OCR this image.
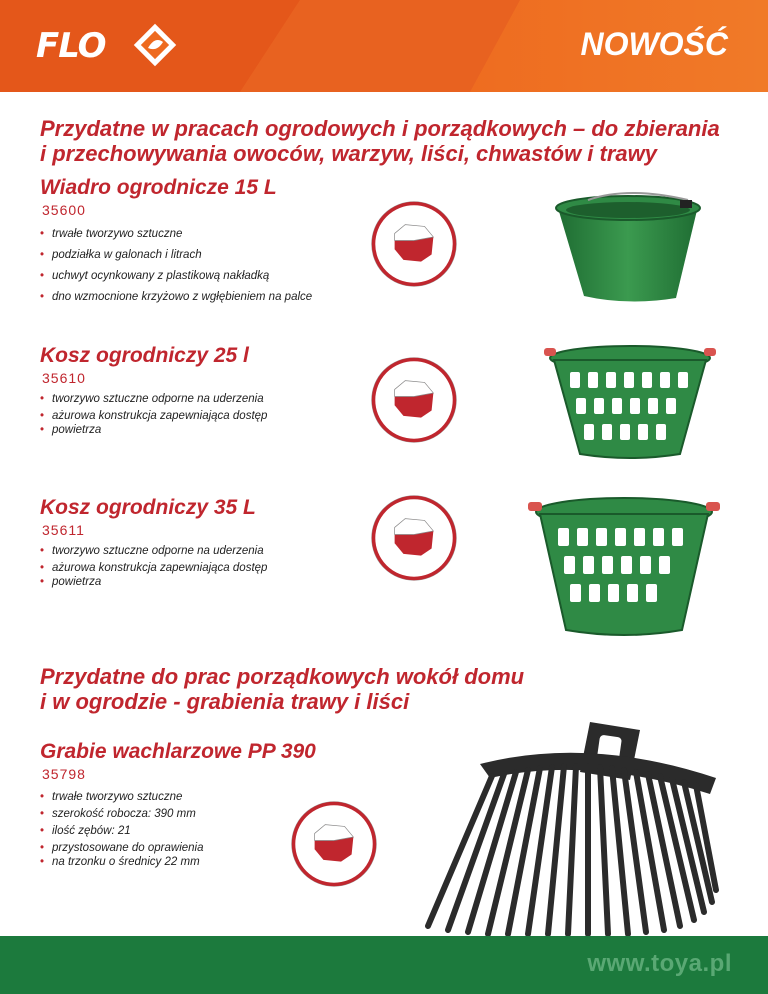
FLO	NOWOŚĆ
Przydatne w pracach ogrodowych i porządkowych – do zbierania
i przechowywania owoców, warzyw, liści, chwastów i trawy
Wiadro ogrodnicze 15 L
35600
• trwałe tworzywo sztuczne
• podziałka w galonach i litrach
• uchwyt ocynkowany z plastikową nakładką
• dno wzmocnione krzyżowo z wgłębieniem na palce
Kosz ogrodniczy 25 l
35610
• tworzywo sztuczne odporne na uderzenia
• ażurowa konstrukcja zapewniająca dostęp
• powietrza
Kosz ogrodniczy 35 L
35611
• tworzywo sztuczne odporne na uderzenia
• ażurowa konstrukcja zapewniająca dostęp
• powietrza
Przydatne do prac porządkowych wokół domu
i w ogrodzie - grabienia trawy i liści
Grabie wachlarzowe PP 390
35798
• trwałe tworzywo sztuczne
• szerokość robocza: 390 mm
• ilość zębów: 21
• przystosowane do oprawienia
• na trzonku o średnicy 22 mm
www.toya.pl
